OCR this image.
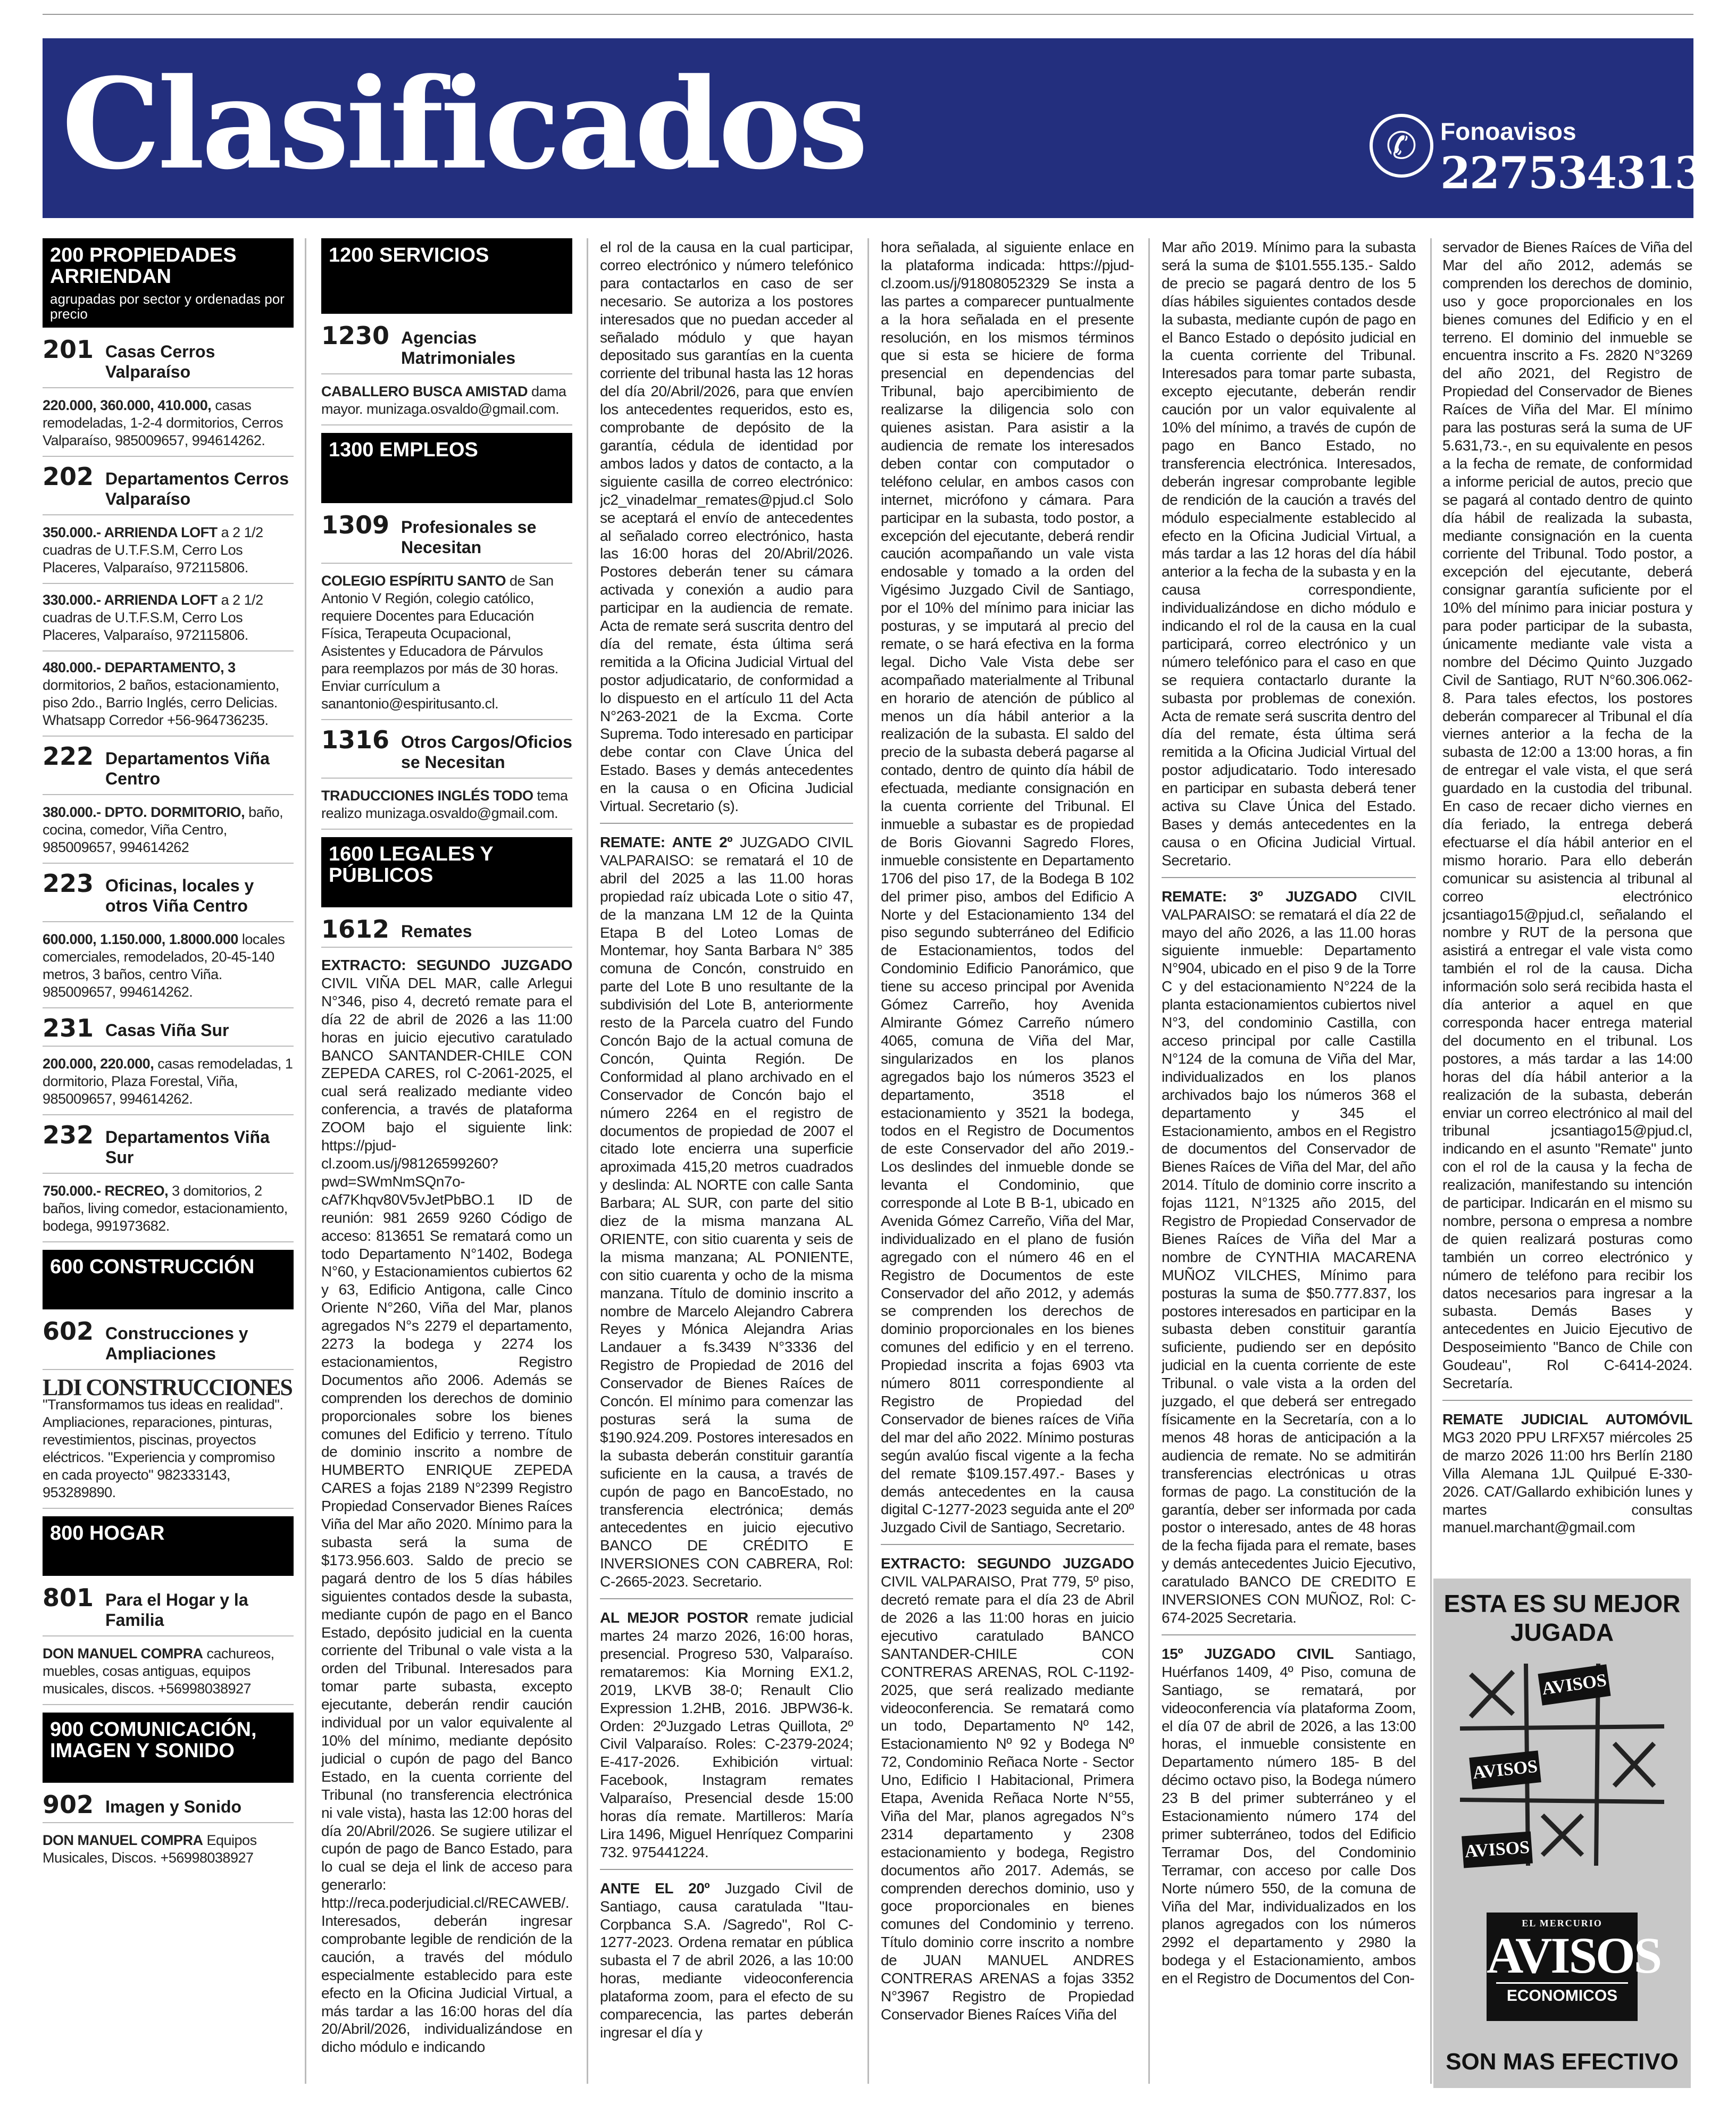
Clasificados	✆ Fonoavisos
227534313
200 PROPIEDADES ARRIENDAN
agrupadas por sector y ordenadas por precio
201 Casas Cerros Valparaíso
220.000, 360.000, 410.000, casas remodeladas, 1-2-4 dormitorios, Cerros Valparaíso, 985009657, 994614262.
202 Departamentos Cerros Valparaíso
350.000.- ARRIENDA LOFT a 2 1/2 cuadras de U.T.F.S.M, Cerro Los Placeres, Valparaíso, 972115806.
330.000.- ARRIENDA LOFT a 2 1/2 cuadras de U.T.F.S.M, Cerro Los Placeres, Valparaíso, 972115806.
480.000.- DEPARTAMENTO, 3 dormitorios, 2 baños, estacionamiento, piso 2do., Barrio Inglés, cerro Delicias. Whatsapp Corredor +56-964736235.
222 Departamentos Viña Centro
380.000.- DPTO. DORMITORIO, baño, cocina, comedor, Viña Centro, 985009657, 994614262
223 Oficinas, locales y otros Viña Centro
600.000, 1.150.000, 1.8000.000 locales comerciales, remodelados, 20-45-140 metros, 3 baños, centro Viña. 985009657, 994614262.
231 Casas Viña Sur
200.000, 220.000, casas remodeladas, 1 dormitorio, Plaza Forestal, Viña, 985009657, 994614262.
232 Departamentos Viña Sur
750.000.- RECREO, 3 domitorios, 2 baños, living comedor, estacionamiento, bodega, 991973682.
600 CONSTRUCCIÓN
602 Construcciones y Ampliaciones
LDI CONSTRUCCIONES
"Transformamos tus ideas en realidad". Ampliaciones, reparaciones, pinturas, revestimientos, piscinas, proyectos eléctricos. "Experiencia y compromiso en cada proyecto" 982333143, 953289890.
800 HOGAR
801 Para el Hogar y la Familia
DON MANUEL COMPRA cachureos, muebles, cosas antiguas, equipos musicales, discos. +56998038927
900 COMUNICACIÓN, IMAGEN Y SONIDO
902 Imagen y Sonido
DON MANUEL COMPRA Equipos Musicales, Discos. +56998038927
1200 SERVICIOS
1230 Agencias Matrimoniales
CABALLERO BUSCA AMISTAD dama mayor. munizaga.osvaldo@gmail.com.
1300 EMPLEOS
1309 Profesionales se Necesitan
COLEGIO ESPÍRITU SANTO de San Antonio V Región, colegio católico, requiere Docentes para Educación Física, Terapeuta Ocupacional, Asistentes y Educadora de Párvulos para reemplazos por más de 30 horas. Enviar currículum a sanantonio@espiritusanto.cl.
1316 Otros Cargos/Oficios se Necesitan
TRADUCCIONES INGLÉS TODO tema realizo munizaga.osvaldo@gmail.com.
1600 LEGALES Y PÚBLICOS
1612 Remates
EXTRACTO: SEGUNDO JUZGADO CIVIL VIÑA DEL MAR, calle Arlegui N°346, piso 4, decretó remate para el día 22 de abril de 2026 a las 11:00 horas en juicio ejecutivo caratulado BANCO SANTANDER-CHILE CON ZEPEDA CARES, rol C-2061-2025, el cual será realizado mediante video conferencia, a través de plataforma ZOOM bajo el siguiente link: https://pjud-cl.zoom.us/j/98126599260?pwd=SWmNmSQn7o-cAf7Khqv80V5vJetPbBO.1 ID de reunión: 981 2659 9260 Código de acceso: 813651 Se rematará como un todo Departamento N°1402, Bodega N°60, y Estacionamientos cubiertos 62 y 63, Edificio Antigona, calle Cinco Oriente N°260, Viña del Mar, planos agregados N°s 2279 el departamento, 2273 la bodega y 2274 los estacionamientos, Registro Documentos año 2006. Además se comprenden los derechos de dominio proporcionales sobre los bienes comunes del Edificio y terreno. Título de dominio inscrito a nombre de HUMBERTO ENRIQUE ZEPEDA CARES a fojas 2189 N°2399 Registro Propiedad Conservador Bienes Raíces Viña del Mar año 2020. Mínimo para la subasta será la suma de $173.956.603. Saldo de precio se pagará dentro de los 5 días hábiles siguientes contados desde la subasta, mediante cupón de pago en el Banco Estado, depósito judicial en la cuenta corriente del Tribunal o vale vista a la orden del Tribunal. Interesados para tomar parte subasta, excepto ejecutante, deberán rendir caución individual por un valor equivalente al 10% del mínimo, mediante depósito judicial o cupón de pago del Banco Estado, en la cuenta corriente del Tribunal (no transferencia electrónica ni vale vista), hasta las 12:00 horas del día 20/Abril/2026. Se sugiere utilizar el cupón de pago de Banco Estado, para lo cual se deja el link de acceso para generarlo: http://reca.poderjudicial.cl/RECAWEB/. Interesados, deberán ingresar comprobante legible de rendición de la caución, a través del módulo especialmente establecido para este efecto en la Oficina Judicial Virtual, a más tardar a las 16:00 horas del día 20/Abril/2026, individualizándose en dicho módulo e indicando
el rol de la causa en la cual participar, correo electrónico y número telefónico para contactarlos en caso de ser necesario. Se autoriza a los postores interesados que no puedan acceder al señalado módulo y que hayan depositado sus garantías en la cuenta corriente del tribunal hasta las 12 horas del día 20/Abril/2026, para que envíen los antecedentes requeridos, esto es, comprobante de depósito de la garantía, cédula de identidad por ambos lados y datos de contacto, a la siguiente casilla de correo electrónico: jc2_vinadelmar_remates@pjud.cl Solo se aceptará el envío de antecedentes al señalado correo electrónico, hasta las 16:00 horas del 20/Abril/2026. Postores deberán tener su cámara activada y conexión a audio para participar en la audiencia de remate. Acta de remate será suscrita dentro del día del remate, ésta última será remitida a la Oficina Judicial Virtual del postor adjudicatario, de conformidad a lo dispuesto en el artículo 11 del Acta N°263-2021 de la Excma. Corte Suprema. Todo interesado en participar debe contar con Clave Única del Estado. Bases y demás antecedentes en la causa o en Oficina Judicial Virtual. Secretario (s).
REMATE: ANTE 2º JUZGADO CIVIL VALPARAISO: se rematará el 10 de abril del 2025 a las 11.00 horas propiedad raíz ubicada Lote o sitio 47, de la manzana LM 12 de la Quinta Etapa B del Loteo Lomas de Montemar, hoy Santa Barbara N° 385 comuna de Concón, construido en parte del Lote B uno resultante de la subdivisión del Lote B, anteriormente resto de la Parcela cuatro del Fundo Concón Bajo de la actual comuna de Concón, Quinta Región. De Conformidad al plano archivado en el Conservador de Concón bajo el número 2264 en el registro de documentos de propiedad de 2007 el citado lote encierra una superficie aproximada 415,20 metros cuadrados y deslinda: AL NORTE con calle Santa Barbara; AL SUR, con parte del sitio diez de la misma manzana AL ORIENTE, con sitio cuarenta y seis de la misma manzana; AL PONIENTE, con sitio cuarenta y ocho de la misma manzana. Título de dominio inscrito a nombre de Marcelo Alejandro Cabrera Reyes y Mónica Alejandra Arias Landauer a fs.3439 N°3336 del Registro de Propiedad de 2016 del Conservador de Bienes Raíces de Concón. El mínimo para comenzar las posturas será la suma de $190.924.209. Postores interesados en la subasta deberán constituir garantía suficiente en la causa, a través de cupón de pago en BancoEstado, no transferencia electrónica; demás antecedentes en juicio ejecutivo BANCO DE CRÉDITO E INVERSIONES CON CABRERA, Rol: C-2665-2023. Secretario.
AL MEJOR POSTOR remate judicial martes 24 marzo 2026, 16:00 horas, presencial. Progreso 530, Valparaíso. remataremos: Kia Morning EX1.2, 2019, LKVB 38-0; Renault Clio Expression 1.2HB, 2016. JBPW36-k. Orden: 2ºJuzgado Letras Quillota, 2º Civil Valparaíso. Roles: C-2379-2024; E-417-2026. Exhibición virtual: Facebook, Instagram remates Valparaíso, Presencial desde 15:00 horas día remate. Martilleros: María Lira 1496, Miguel Henríquez Comparini 732. 975441224.
ANTE EL 20º Juzgado Civil de Santiago, causa caratulada "Itau-Corpbanca S.A. /Sagredo", Rol C-1277-2023. Ordena rematar en pública subasta el 7 de abril 2026, a las 10:00 horas, mediante videoconferencia plataforma zoom, para el efecto de su comparecencia, las partes deberán ingresar el día y
hora señalada, al siguiente enlace en la plataforma indicada: https://pjud-cl.zoom.us/j/91808052329 Se insta a las partes a comparecer puntualmente a la hora señalada en el presente resolución, en los mismos términos que si esta se hiciere de forma presencial en dependencias del Tribunal, bajo apercibimiento de realizarse la diligencia solo con quienes asistan. Para asistir a la audiencia de remate los interesados deben contar con computador o teléfono celular, en ambos casos con internet, micrófono y cámara. Para participar en la subasta, todo postor, a excepción del ejecutante, deberá rendir caución acompañando un vale vista endosable y tomado a la orden del Vigésimo Juzgado Civil de Santiago, por el 10% del mínimo para iniciar las posturas, y se imputará al precio del remate, o se hará efectiva en la forma legal. Dicho Vale Vista debe ser acompañado materialmente al Tribunal en horario de atención de público al menos un día hábil anterior a la realización de la subasta. El saldo del precio de la subasta deberá pagarse al contado, dentro de quinto día hábil de efectuada, mediante consignación en la cuenta corriente del Tribunal. El inmueble a subastar es de propiedad de Boris Giovanni Sagredo Flores, inmueble consistente en Departamento 1706 del piso 17, de la Bodega B 102 del primer piso, ambos del Edificio A Norte y del Estacionamiento 134 del piso segundo subterráneo del Edificio de Estacionamientos, todos del Condominio Edificio Panorámico, que tiene su acceso principal por Avenida Gómez Carreño, hoy Avenida Almirante Gómez Carreño número 4065, comuna de Viña del Mar, singularizados en los planos agregados bajo los números 3523 el departamento, 3518 el estacionamiento y 3521 la bodega, todos en el Registro de Documentos de este Conservador del año 2019.- Los deslindes del inmueble donde se levanta el Condominio, que corresponde al Lote B B-1, ubicado en Avenida Gómez Carreño, Viña del Mar, individualizado en el plano de fusión agregado con el número 46 en el Registro de Documentos de este Conservador del año 2012, y además se comprenden los derechos de dominio proporcionales en los bienes comunes del edificio y en el terreno. Propiedad inscrita a fojas 6903 vta número 8011 correspondiente al Registro de Propiedad del Conservador de bienes raíces de Viña del mar del año 2022. Mínimo posturas según avalúo fiscal vigente a la fecha del remate $109.157.497.- Bases y demás antecedentes en la causa digital C-1277-2023 seguida ante el 20º Juzgado Civil de Santiago, Secretario.
EXTRACTO: SEGUNDO JUZGADO CIVIL VALPARAISO, Prat 779, 5º piso, decretó remate para el día 23 de Abril de 2026 a las 11:00 horas en juicio ejecutivo caratulado BANCO SANTANDER-CHILE CON CONTRERAS ARENAS, ROL C-1192-2025, que será realizado mediante videoconferencia. Se rematará como un todo, Departamento Nº 142, Estacionamiento Nº 92 y Bodega Nº 72, Condominio Reñaca Norte - Sector Uno, Edificio I Habitacional, Primera Etapa, Avenida Reñaca Norte N°55, Viña del Mar, planos agregados N°s 2314 departamento y 2308 estacionamiento y bodega, Registro documentos año 2017. Además, se comprenden derechos dominio, uso y goce proporcionales en bienes comunes del Condominio y terreno. Título dominio corre inscrito a nombre de JUAN MANUEL ANDRES CONTRERAS ARENAS a fojas 3352 N°3967 Registro de Propiedad Conservador Bienes Raíces Viña del
Mar año 2019. Mínimo para la subasta será la suma de $101.555.135.- Saldo de precio se pagará dentro de los 5 días hábiles siguientes contados desde la subasta, mediante cupón de pago en el Banco Estado o depósito judicial en la cuenta corriente del Tribunal. Interesados para tomar parte subasta, excepto ejecutante, deberán rendir caución por un valor equivalente al 10% del mínimo, a través de cupón de pago en Banco Estado, no transferencia electrónica. Interesados, deberán ingresar comprobante legible de rendición de la caución a través del módulo especialmente establecido al efecto en la Oficina Judicial Virtual, a más tardar a las 12 horas del día hábil anterior a la fecha de la subasta y en la causa correspondiente, individualizándose en dicho módulo e indicando el rol de la causa en la cual participará, correo electrónico y un número telefónico para el caso en que se requiera contactarlo durante la subasta por problemas de conexión. Acta de remate será suscrita dentro del día del remate, ésta última será remitida a la Oficina Judicial Virtual del postor adjudicatario. Todo interesado en participar en subasta deberá tener activa su Clave Única del Estado. Bases y demás antecedentes en la causa o en Oficina Judicial Virtual. Secretario.
REMATE: 3º JUZGADO CIVIL VALPARAISO: se rematará el día 22 de mayo del año 2026, a las 11.00 horas siguiente inmueble: Departamento N°904, ubicado en el piso 9 de la Torre C y del estacionamiento N°224 de la planta estacionamientos cubiertos nivel N°3, del condominio Castilla, con acceso principal por calle Castilla N°124 de la comuna de Viña del Mar, individualizados en los planos archivados bajo los números 368 el departamento y 345 el Estacionamiento, ambos en el Registro de documentos del Conservador de Bienes Raíces de Viña del Mar, del año 2014. Título de dominio corre inscrito a fojas 1121, N°1325 año 2015, del Registro de Propiedad Conservador de Bienes Raíces de Viña del Mar a nombre de CYNTHIA MACARENA MUÑOZ VILCHES, Mínimo para posturas la suma de $50.777.837, los postores interesados en participar en la subasta deben constituir garantía suficiente, pudiendo ser en depósito judicial en la cuenta corriente de este Tribunal. o vale vista a la orden del juzgado, el que deberá ser entregado físicamente en la Secretaría, con a lo menos 48 horas de anticipación a la audiencia de remate. No se admitirán transferencias electrónicas u otras formas de pago. La constitución de la garantía, deber ser informada por cada postor o interesado, antes de 48 horas de la fecha fijada para el remate, bases y demás antecedentes Juicio Ejecutivo, caratulado BANCO DE CREDITO E INVERSIONES CON MUÑOZ, Rol: C-674-2025 Secretaria.
15º JUZGADO CIVIL Santiago, Huérfanos 1409, 4º Piso, comuna de Santiago, se rematará, por videoconferencia vía plataforma Zoom, el día 07 de abril de 2026, a las 13:00 horas, el inmueble consistente en Departamento número 185- B del décimo octavo piso, la Bodega número 23 B del primer subterráneo y el Estacionamiento número 174 del primer subterráneo, todos del Edificio Terramar Dos, del Condominio Terramar, con acceso por calle Dos Norte número 550, de la comuna de Viña del Mar, individualizados en los planos agregados con los números 2992 el departamento y 2980 la bodega y el Estacionamiento, ambos en el Registro de Documentos del Con-
servador de Bienes Raíces de Viña del Mar del año 2012, además se comprenden los derechos de dominio, uso y goce proporcionales en los bienes comunes del Edificio y en el terreno. El dominio del inmueble se encuentra inscrito a Fs. 2820 N°3269 del año 2021, del Registro de Propiedad del Conservador de Bienes Raíces de Viña del Mar. El mínimo para las posturas será la suma de UF 5.631,73.-, en su equivalente en pesos a la fecha de remate, de conformidad a informe pericial de autos, precio que se pagará al contado dentro de quinto día hábil de realizada la subasta, mediante consignación en la cuenta corriente del Tribunal. Todo postor, a excepción del ejecutante, deberá consignar garantía suficiente por el 10% del mínimo para iniciar postura y para poder participar de la subasta, únicamente mediante vale vista a nombre del Décimo Quinto Juzgado Civil de Santiago, RUT N°60.306.062-8. Para tales efectos, los postores deberán comparecer al Tribunal el día viernes anterior a la fecha de la subasta de 12:00 a 13:00 horas, a fin de entregar el vale vista, el que será guardado en la custodia del tribunal. En caso de recaer dicho viernes en día feriado, la entrega deberá efectuarse el día hábil anterior en el mismo horario. Para ello deberán comunicar su asistencia al tribunal al correo electrónico jcsantiago15@pjud.cl, señalando el nombre y RUT de la persona que asistirá a entregar el vale vista como también el rol de la causa. Dicha información solo será recibida hasta el día anterior a aquel en que corresponda hacer entrega material del documento en el tribunal. Los postores, a más tardar a las 14:00 horas del día hábil anterior a la realización de la subasta, deberán enviar un correo electrónico al mail del tribunal jcsantiago15@pjud.cl, indicando en el asunto "Remate" junto con el rol de la causa y la fecha de realización, manifestando su intención de participar. Indicarán en el mismo su nombre, persona o empresa a nombre de quien realizará posturas como también un correo electrónico y número de teléfono para recibir los datos necesarios para ingresar a la subasta. Demás Bases y antecedentes en Juicio Ejecutivo de Desposeimiento "Banco de Chile con Goudeau", Rol C-6414-2024. Secretaría.
REMATE JUDICIAL AUTOMÓVIL MG3 2020 PPU LRFX57 miércoles 25 de marzo 2026 11:00 hrs Berlín 2180 Villa Alemana 1JL Quilpué E-330-2026. CAT/Gallardo exhibición lunes y martes consultas manuel.marchant@gmail.com
ESTA ES SU MEJOR JUGADA
AVISOS
AVISOS
AVISOS
EL MERCURIO
AVISOS
ECONOMICOS
SON MAS EFECTIVO
